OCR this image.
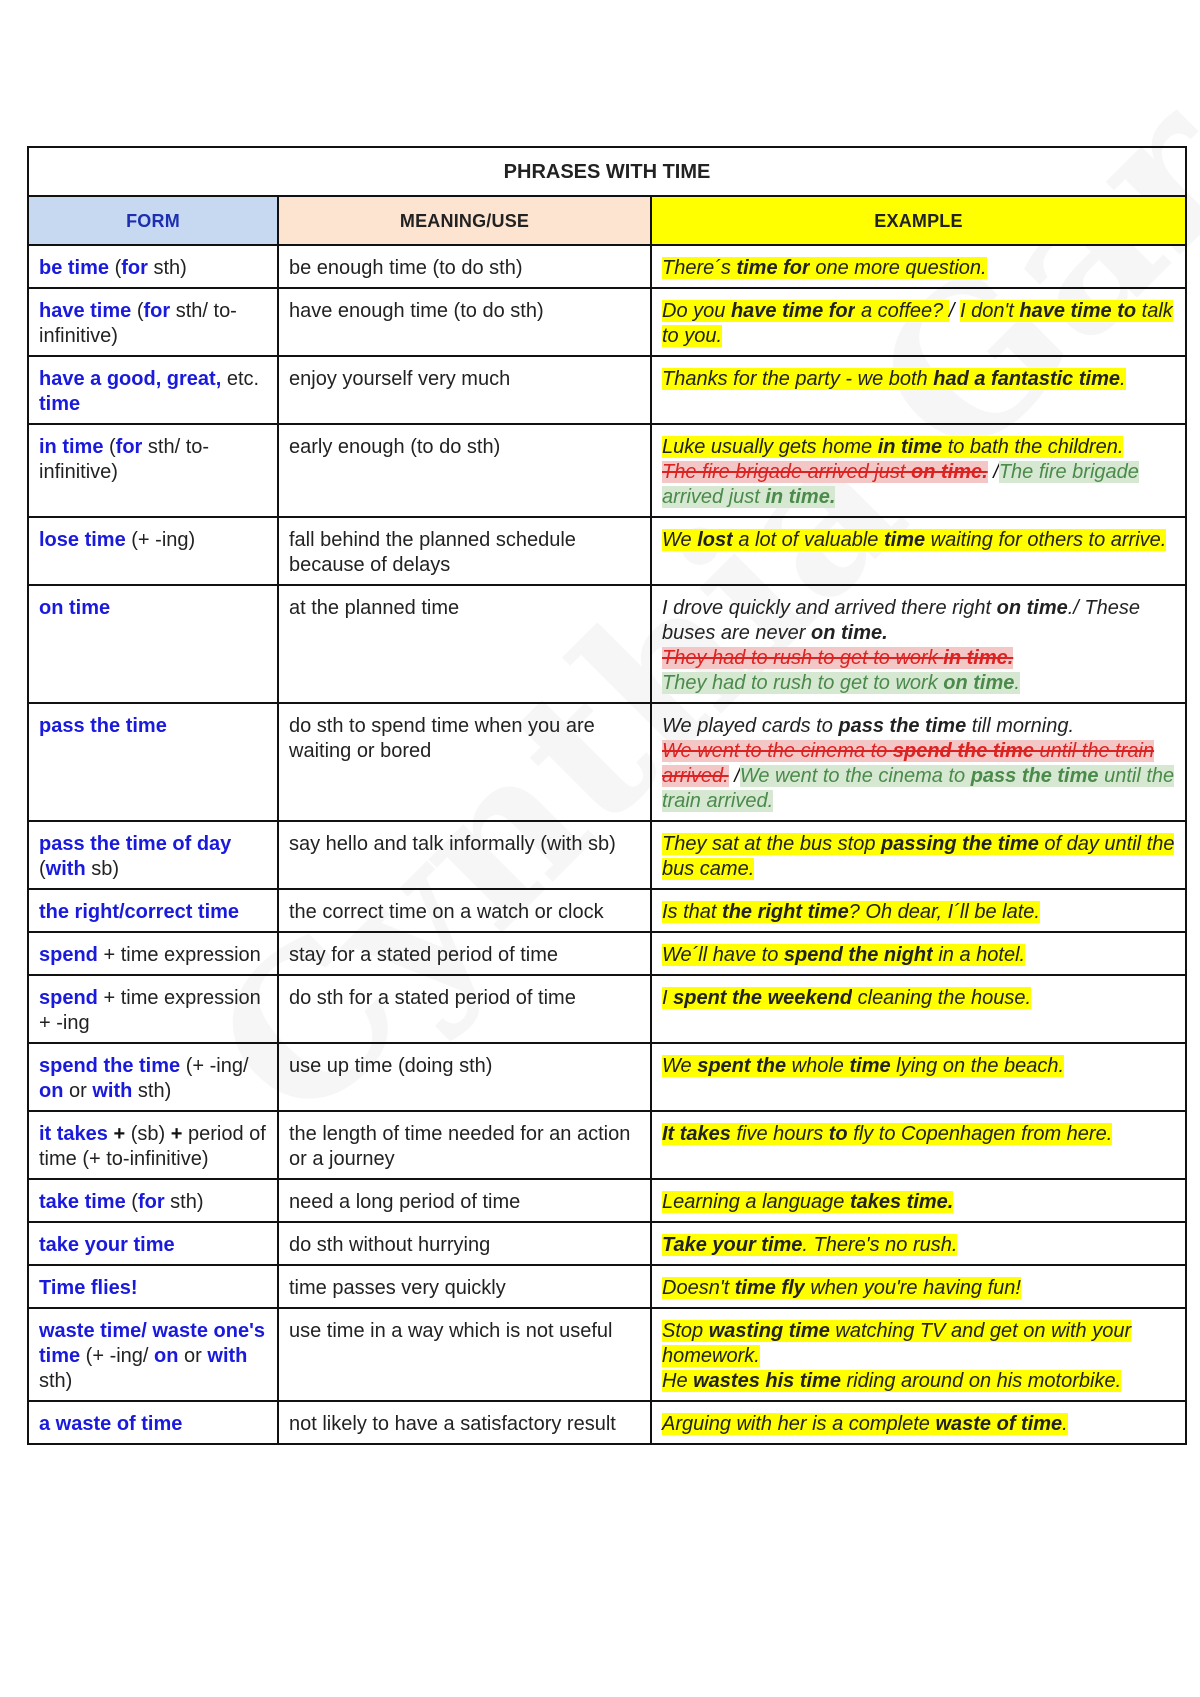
PHRASES WITH TIME		
FORM	MEANING/USE	EXAMPLE
be time (for sth)	be enough time (to do sth)	There´s time for one more question.

have time (for sth/ to-infinitive)	have enough time (to do sth)	Do you have time for a coffee? / I don't have time to talk to you.

have a good, great, etc. time	enjoy yourself very much	Thanks for the party - we both had a fantastic time.

in time (for sth/ to-infinitive)	early enough (to do sth)	Luke usually gets home in time to bath the children.
The fire brigade arrived just on time. /The fire brigade arrived just in time.

lose time (+ -ing)	fall behind the planned schedule because of delays	We lost a lot of valuable time waiting for others to arrive.

on time	at the planned time	I drove quickly and arrived there right on time./ These buses are never on time.
They had to rush to get to work in time.
They had to rush to get to work on time.

pass the time	do sth to spend time when you are waiting or bored	We played cards to pass the time till morning.
We went to the cinema to spend the time until the train arrived. /We went to the cinema to pass the time until the train arrived.

pass the time of day (with sb)	say hello and talk informally (with sb)	They sat at the bus stop passing the time of day until the bus came.

the right/correct time	the correct time on a watch or clock	Is that the right time? Oh dear, I´ll be late.

spend + time expression	stay for a stated period of time	We´ll have to spend the night in a hotel.

spend + time expression + -ing	do sth for a stated period of time	I spent the weekend cleaning the house.

spend the time (+ -ing/ on or with sth)	use up time (doing sth)	We spent the whole time lying on the beach.

it takes + (sb) + period of time (+ to-infinitive)	the length of time needed for an action or a journey	It takes five hours to fly to Copenhagen from here.

take time (for sth)	need a long period of time	Learning a language takes time.

take your time	do sth without hurrying	Take your time. There's no rush.

Time flies!	time passes very quickly	Doesn't time fly when you're having fun!

waste time/ waste one's time (+ -ing/ on or with sth)	use time in a way which is not useful	Stop wasting time watching TV and get on with your homework.
He wastes his time riding around on his motorbike.

a waste of time	not likely to have a satisfactory result	Arguing with her is a complete waste of time.
